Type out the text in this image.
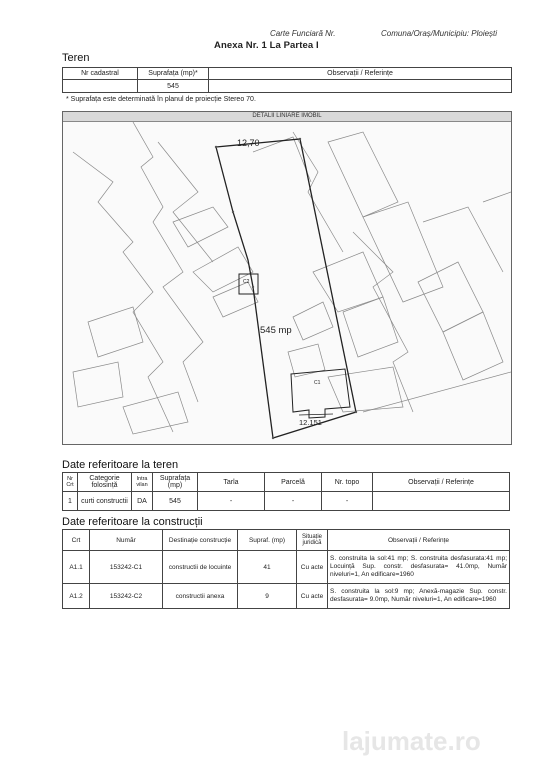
Carte Funciară Nr.	Comuna/Oraș/Municipiu: Ploiești
Anexa Nr. 1 La Partea I
Teren
Nr cadastral	Suprafața (mp)*	Observații / Referințe
	545	
* Suprafața este determinată în planul de proiecție Stereo 70.
DETALII LINIARE IMOBIL
12,70
545 mp
C1
C2
12.151
Date referitoare la teren
Nr Crt	Categorie folosință	Intra vilan	Suprafața (mp)	Tarla	Parcelă	Nr. topo	Observații / Referințe
1	curti constructii	DA	545	-	-	-	
Date referitoare la construcții
Crt	Număr	Destinație construcție	Supraf. (mp)	Situație juridică	Observații / Referințe
A1.1	153242-C1	constructii de locuinte	41	Cu acte	S. construita la sol:41 mp; S. construita desfasurata:41 mp; Locuință Sup. constr. desfasurata= 41.0mp, Număr niveluri=1, An edificare=1960
A1.2	153242-C2	constructii anexa	9	Cu acte	S. construita la sol:9 mp; Anexă-magazie Sup. constr. desfasurata= 9.0mp, Număr niveluri=1, An edificare=1960
lajumate.ro
